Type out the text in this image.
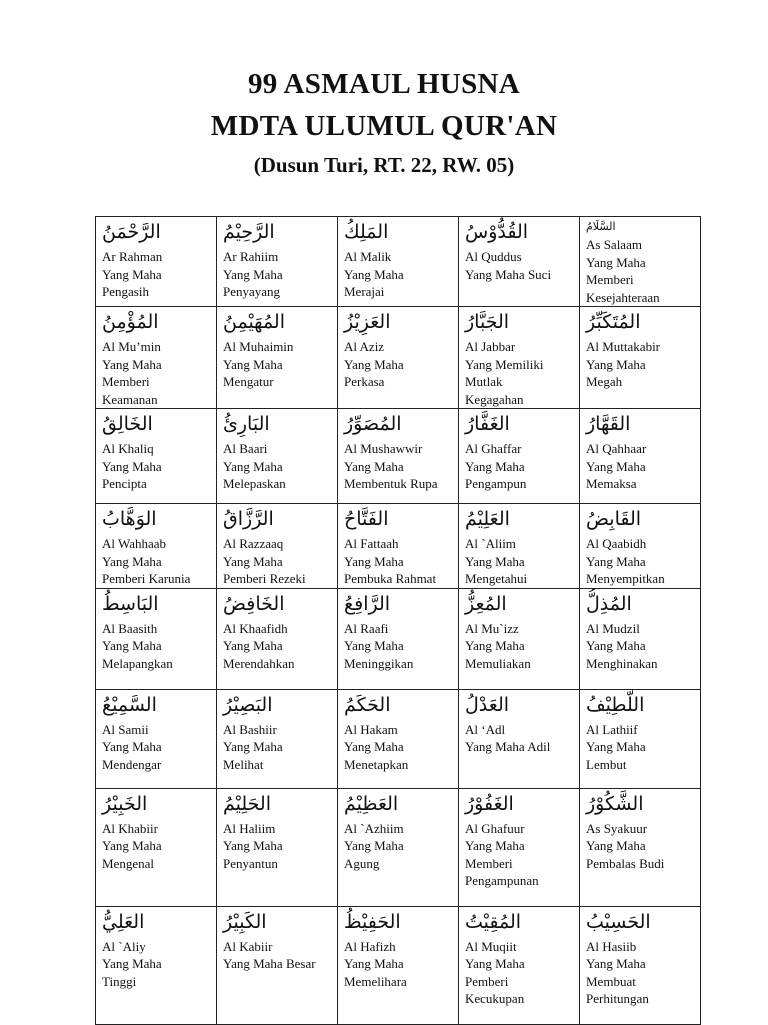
99 ASMAUL HUSNA
MDTA ULUMUL QUR'AN
(Dusun Turi, RT. 22, RW. 05)
الرَّحْمَنُ
Ar Rahman
Yang Maha
Pengasih	الرَّحِيْمُ
Ar Rahiim
Yang Maha
Penyayang	المَلِكُ
Al Malik
Yang Maha
Merajai	القُدُّوْسُ
Al Quddus
Yang Maha Suci	السَّلَامُ
As Salaam
Yang Maha
Memberi
Kesejahteraan

المُؤْمِنُ
Al Mu’min
Yang Maha
Memberi
Keamanan	المُهَيْمِنُ
Al Muhaimin
Yang Maha
Mengatur	العَزِيْزُ
Al Aziz
Yang Maha
Perkasa	الجَبَّارُ
Al Jabbar
Yang Memiliki
Mutlak
Kegagahan	المُتَكَبِّرُ
Al Muttakabir
Yang Maha
Megah

الخَالِقُ
Al Khaliq
Yang Maha
Pencipta	البَارِئُ
Al Baari
Yang Maha
Melepaskan	المُصَوِّرُ
Al Mushawwir
Yang Maha
Membentuk Rupa	الغَفَّارُ
Al Ghaffar
Yang Maha
Pengampun	القَهَّارُ
Al Qahhaar
Yang Maha
Memaksa

الوَهَّابُ
Al Wahhaab
Yang Maha
Pemberi Karunia	الرَّزَّاقُ
Al Razzaaq
Yang Maha
Pemberi Rezeki	الفَتَّاحُ
Al Fattaah
Yang Maha
Pembuka Rahmat	العَلِيْمُ
Al `Aliim
Yang Maha
Mengetahui	القَابِضُ
Al Qaabidh
Yang Maha
Menyempitkan

البَاسِطُ
Al Baasith
Yang Maha
Melapangkan	الخَافِضُ
Al Khaafidh
Yang Maha
Merendahkan	الرَّافِعُ
Al Raafi
Yang Maha
Meninggikan	المُعِزُّ
Al Mu`izz
Yang Maha
Memuliakan	المُذِلُّ
Al Mudzil
Yang Maha
Menghinakan

السَّمِيْعُ
Al Samii
Yang Maha
Mendengar	البَصِيْرُ
Al Bashiir
Yang Maha
Melihat	الحَكَمُ
Al Hakam
Yang Maha
Menetapkan	العَدْلُ
Al ‘Adl
Yang Maha Adil	اللَّطِيْفُ
Al Lathiif
Yang Maha
Lembut

الخَبِيْرُ
Al Khabiir
Yang Maha
Mengenal	الحَلِيْمُ
Al Haliim
Yang Maha
Penyantun	العَظِيْمُ
Al `Azhiim
Yang Maha
Agung	الغَفُوْرُ
Al Ghafuur
Yang Maha
Memberi
Pengampunan	الشَّكُوْرُ
As Syakuur
Yang Maha
Pembalas Budi

العَلِيُّ
Al `Aliy
Yang Maha
Tinggi	الكَبِيْرُ
Al Kabiir
Yang Maha Besar	الحَفِيْظُ
Al Hafizh
Yang Maha
Memelihara	المُقِيْتُ
Al Muqiit
Yang Maha
Pemberi
Kecukupan	الحَسِيْبُ
Al Hasiib
Yang Maha
Membuat
Perhitungan
